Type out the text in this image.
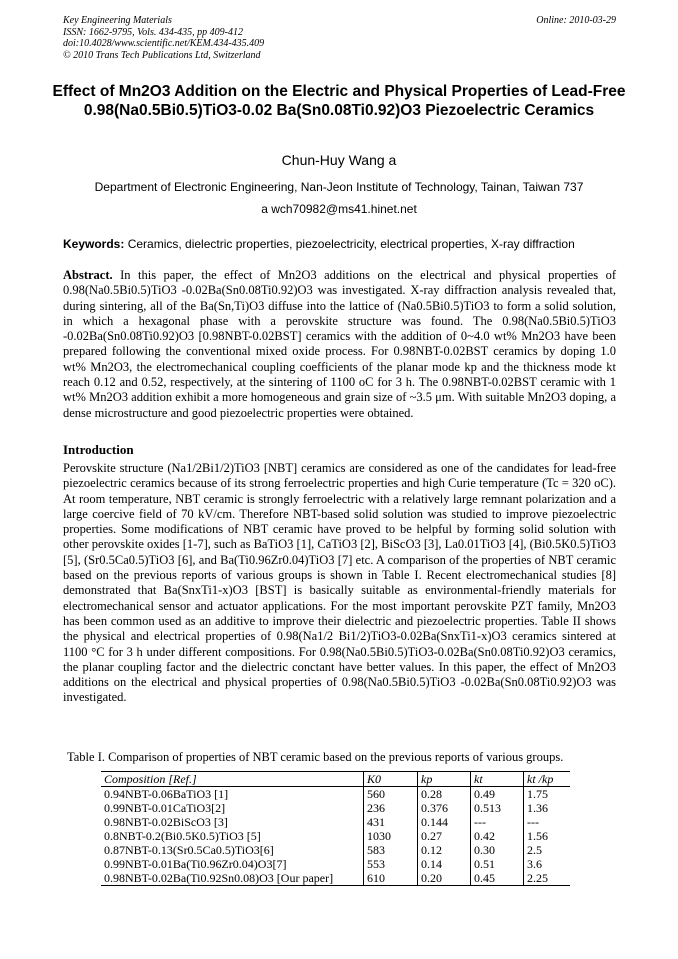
Key Engineering Materials	Online: 2010-03-29
ISSN: 1662-9795, Vols. 434-435, pp 409-412
doi:10.4028/www.scientific.net/KEM.434-435.409
© 2010 Trans Tech Publications Ltd, Switzerland
Effect of Mn2O3 Addition on the Electric and Physical Properties of Lead-Free 0.98(Na0.5Bi0.5)TiO3-0.02 Ba(Sn0.08Ti0.92)O3 Piezoelectric Ceramics
Chun-Huy Wang a
Department of Electronic Engineering, Nan-Jeon Institute of Technology, Tainan, Taiwan 737
a wch70982@ms41.hinet.net
Keywords: Ceramics, dielectric properties, piezoelectricity, electrical properties, X-ray diffraction
Abstract. In this paper, the effect of Mn2O3 additions on the electrical and physical properties of 0.98(Na0.5Bi0.5)TiO3 -0.02Ba(Sn0.08Ti0.92)O3 was investigated. X-ray diffraction analysis revealed that, during sintering, all of the Ba(Sn,Ti)O3 diffuse into the lattice of (Na0.5Bi0.5)TiO3 to form a solid solution, in which a hexagonal phase with a perovskite structure was found. The 0.98(Na0.5Bi0.5)TiO3 -0.02Ba(Sn0.08Ti0.92)O3 [0.98NBT-0.02BST] ceramics with the addition of 0~4.0 wt% Mn2O3 have been prepared following the conventional mixed oxide process. For 0.98NBT-0.02BST ceramics by doping 1.0 wt% Mn2O3, the electromechanical coupling coefficients of the planar mode kp and the thickness mode kt reach 0.12 and 0.52, respectively, at the sintering of 1100 oC for 3 h. The 0.98NBT-0.02BST ceramic with 1 wt% Mn2O3 addition exhibit a more homogeneous and grain size of ~3.5 μm. With suitable Mn2O3 doping, a dense microstructure and good piezoelectric properties were obtained.
Introduction
Perovskite structure (Na1/2Bi1/2)TiO3 [NBT] ceramics are considered as one of the candidates for lead-free piezoelectric ceramics because of its strong ferroelectric properties and high Curie temperature (Tc = 320 oC). At room temperature, NBT ceramic is strongly ferroelectric with a relatively large remnant polarization and a large coercive field of 70 kV/cm. Therefore NBT-based solid solution was studied to improve piezoelectric properties. Some modifications of NBT ceramic have proved to be helpful by forming solid solution with other perovskite oxides [1-7], such as BaTiO3 [1], CaTiO3 [2], BiScO3 [3], La0.01TiO3 [4], (Bi0.5K0.5)TiO3 [5], (Sr0.5Ca0.5)TiO3 [6], and Ba(Ti0.96Zr0.04)TiO3 [7] etc. A comparison of the properties of NBT ceramic based on the previous reports of various groups is shown in Table I. Recent electromechanical studies [8] demonstrated that Ba(SnxTi1-x)O3 [BST] is basically suitable as environmental-friendly materials for electromechanical sensor and actuator applications. For the most important perovskite PZT family, Mn2O3 has been common used as an additive to improve their dielectric and piezoelectric properties. Table II shows the physical and electrical properties of 0.98(Na1/2 Bi1/2)TiO3-0.02Ba(SnxTi1-x)O3 ceramics sintered at 1100 °C for 3 h under different compositions. For 0.98(Na0.5Bi0.5)TiO3-0.02Ba(Sn0.08Ti0.92)O3 ceramics, the planar coupling factor and the dielectric conctant have better values. In this paper, the effect of Mn2O3 additions on the electrical and physical properties of 0.98(Na0.5Bi0.5)TiO3 -0.02Ba(Sn0.08Ti0.92)O3 was investigated.
Table I. Comparison of properties of NBT ceramic based on the previous reports of various groups.
Composition [Ref.]	K0	kp	kt	kt /kp
0.94NBT-0.06BaTiO3 [1]	560	0.28	0.49	1.75
0.99NBT-0.01CaTiO3[2]	236	0.376	0.513	1.36
0.98NBT-0.02BiScO3 [3]	431	0.144	---	---
0.8NBT-0.2(Bi0.5K0.5)TiO3 [5]	1030	0.27	0.42	1.56
0.87NBT-0.13(Sr0.5Ca0.5)TiO3[6]	583	0.12	0.30	2.5
0.99NBT-0.01Ba(Ti0.96Zr0.04)O3[7]	553	0.14	0.51	3.6
0.98NBT-0.02Ba(Ti0.92Sn0.08)O3 [Our paper]	610	0.20	0.45	2.25
